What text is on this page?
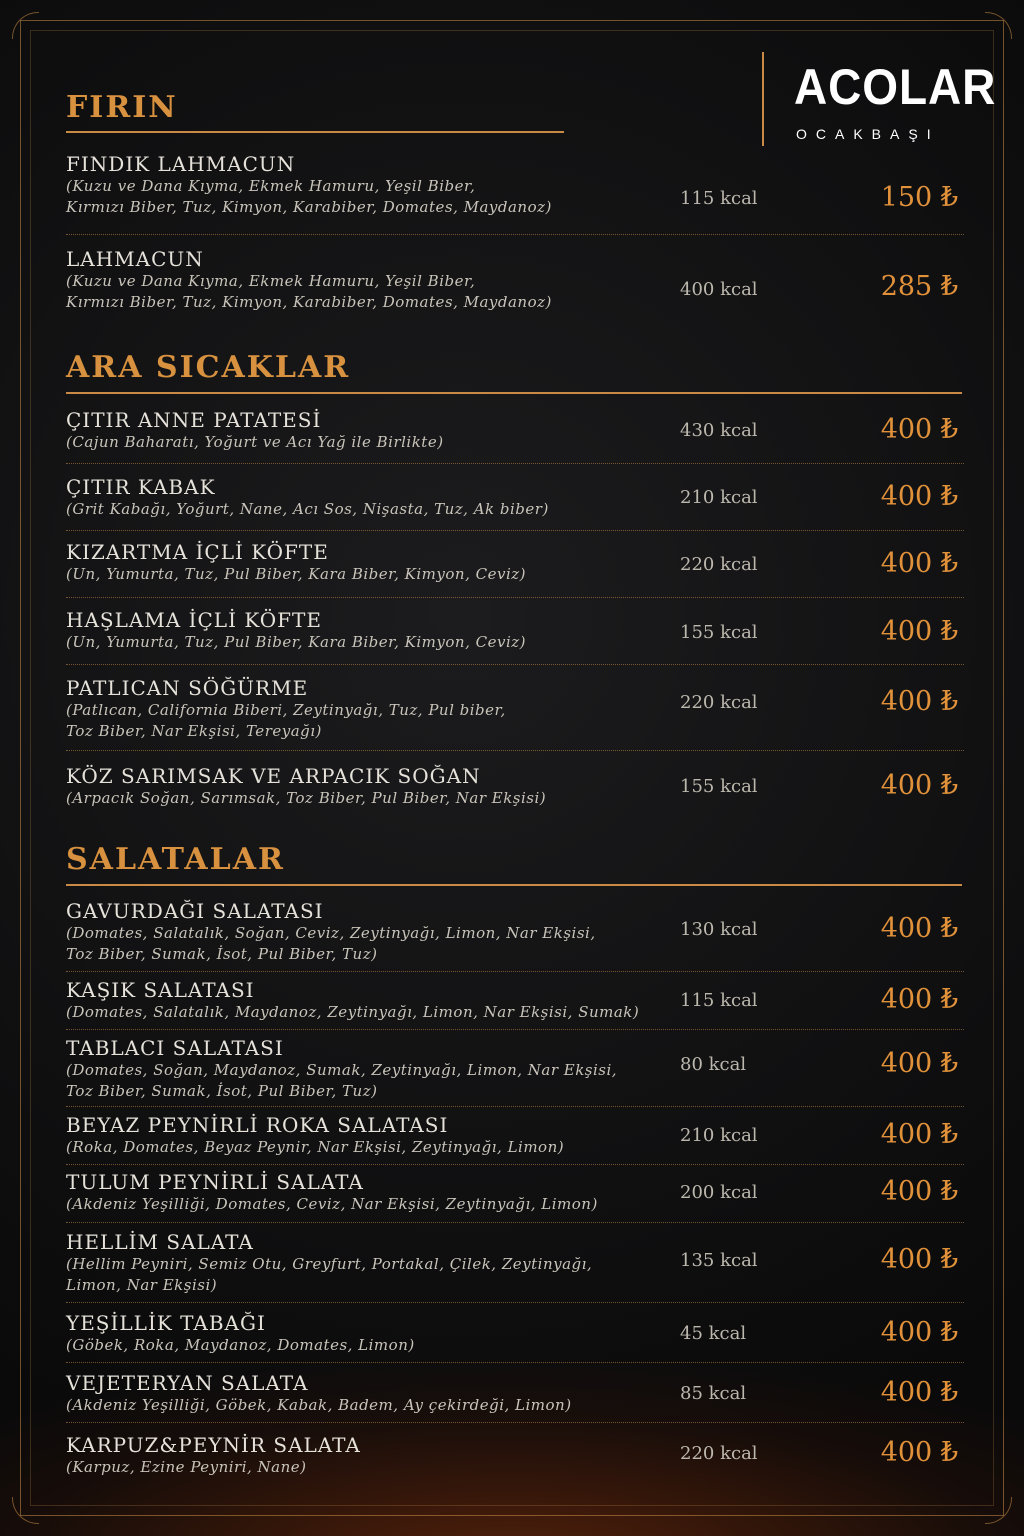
ACOLAR
OCAKBAŞI
FIRIN
FINDIK LAHMACUN
(Kuzu ve Dana Kıyma, Ekmek Hamuru, Yeşil Biber,
Kırmızı Biber, Tuz, Kimyon, Karabiber, Domates, Maydanoz)	115 kcal	150 ₺
LAHMACUN
(Kuzu ve Dana Kıyma, Ekmek Hamuru, Yeşil Biber,
Kırmızı Biber, Tuz, Kimyon, Karabiber, Domates, Maydanoz)
400 kcal	285 ₺
ARA SICAKLAR
ÇITIR ANNE PATATESİ
(Cajun Baharatı, Yoğurt ve Acı Yağ ile Birlikte)
430 kcal	400 ₺
ÇITIR KABAK
(Grit Kabağı, Yoğurt, Nane, Acı Sos, Nişasta, Tuz, Ak biber)
210 kcal	400 ₺
KIZARTMA İÇLİ KÖFTE
(Un, Yumurta, Tuz, Pul Biber, Kara Biber, Kimyon, Ceviz)	220 kcal	400 ₺
HAŞLAMA İÇLİ KÖFTE
(Un, Yumurta, Tuz, Pul Biber, Kara Biber, Kimyon, Ceviz)	155 kcal	400 ₺
PATLICAN SÖĞÜRME
(Patlıcan, California Biberi, Zeytinyağı, Tuz, Pul biber,
Toz Biber, Nar Ekşisi, Tereyağı)
220 kcal	400 ₺
KÖZ SARIMSAK VE ARPACIK SOĞAN
(Arpacık Soğan, Sarımsak, Toz Biber, Pul Biber, Nar Ekşisi)
155 kcal	400 ₺
SALATALAR
GAVURDAĞI SALATASI
(Domates, Salatalık, Soğan, Ceviz, Zeytinyağı, Limon, Nar Ekşisi,
Toz Biber, Sumak, İsot, Pul Biber, Tuz)
130 kcal	400 ₺
KAŞIK SALATASI
(Domates, Salatalık, Maydanoz, Zeytinyağı, Limon, Nar Ekşisi, Sumak)
115 kcal	400 ₺
TABLACI SALATASI
(Domates, Soğan, Maydanoz, Sumak, Zeytinyağı, Limon, Nar Ekşisi,
Toz Biber, Sumak, İsot, Pul Biber, Tuz)
80 kcal	400 ₺
BEYAZ PEYNİRLİ ROKA SALATASI
(Roka, Domates, Beyaz Peynir, Nar Ekşisi, Zeytinyağı, Limon)
210 kcal	400 ₺
TULUM PEYNİRLİ SALATA
(Akdeniz Yeşilliği, Domates, Ceviz, Nar Ekşisi, Zeytinyağı, Limon)
200 kcal	400 ₺
HELLİM SALATA
(Hellim Peyniri, Semiz Otu, Greyfurt, Portakal, Çilek, Zeytinyağı,
Limon, Nar Ekşisi)
135 kcal	400 ₺
YEŞİLLİK TABAĞI
(Göbek, Roka, Maydanoz, Domates, Limon)
45 kcal	400 ₺
VEJETERYAN SALATA
(Akdeniz Yeşilliği, Göbek, Kabak, Badem, Ay çekirdeği, Limon)
85 kcal	400 ₺
KARPUZ&PEYNİR SALATA
(Karpuz, Ezine Peyniri, Nane)
220 kcal	400 ₺
